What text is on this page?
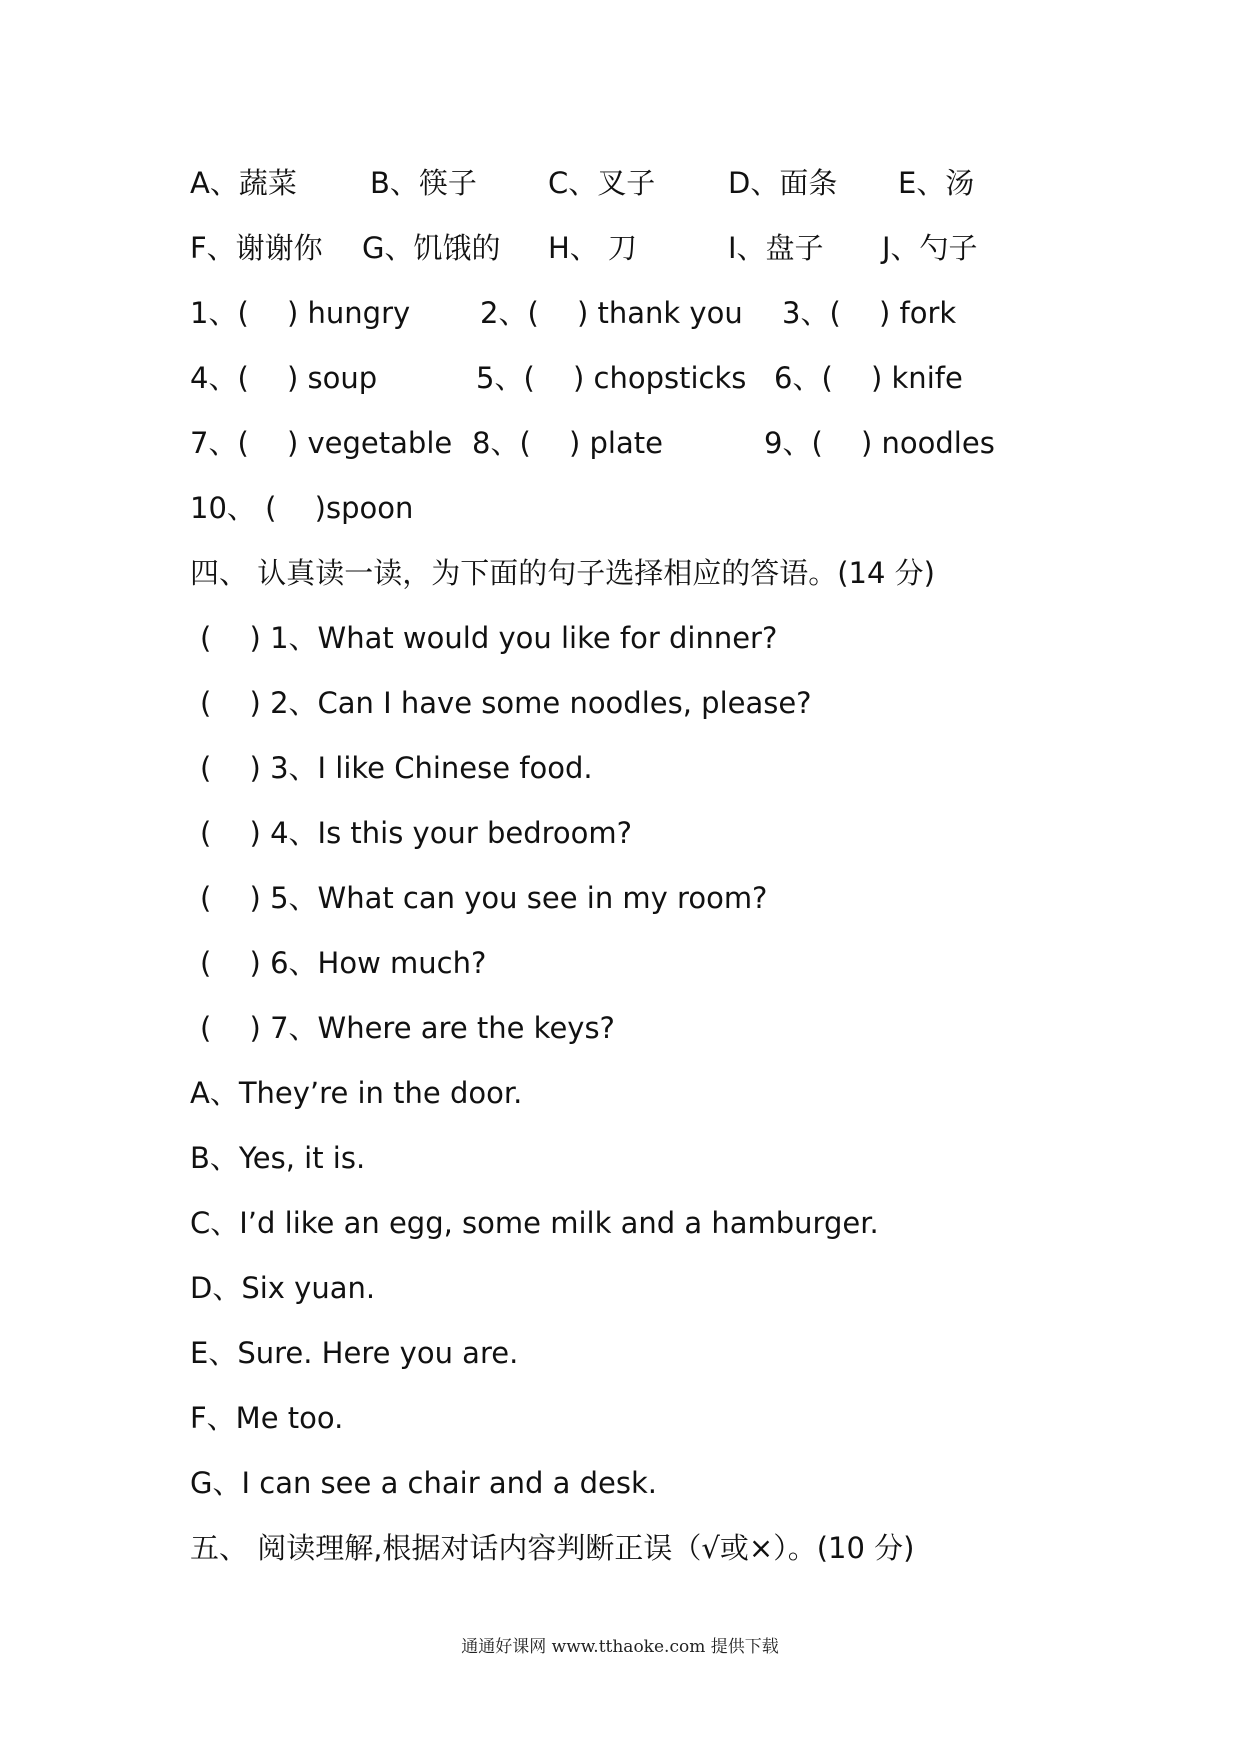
A、蔬菜	B、筷子 C、叉子	D、面条 E、汤
F、谢谢你 G、饥饿的 H、 刀	I、盘子 J、勺子
1、(　 ) hungry 2、(　 ) thank you 3、(　 ) fork
4、(　 ) soup	5、(　 ) chopsticks 6、(　 ) knife
7、(　 ) vegetable 8、(　 ) plate	9、(　 ) noodles
10、 (　 )spoon
四、 认真读一读，为下面的句子选择相应的答语。(14 分)
(　 ) 1、What would you like for dinner?
(　 ) 2、Can I have some noodles, please?
(　 ) 3、I like Chinese food.
(　 ) 4、Is this your bedroom?
(　 ) 5、What can you see in my room?
(　 ) 6、How much?
(　 ) 7、Where are the keys?
A、They’re in the door.
B、Yes, it is.
C、I’d like an egg, some milk and a hamburger.
D、Six yuan.
E、Sure. Here you are.
F、Me too.
G、I can see a chair and a desk.
五、 阅读理解,根据对话内容判断正误（√或×）。(10 分)
通通好课网 www.tthaoke.com 提供下载
